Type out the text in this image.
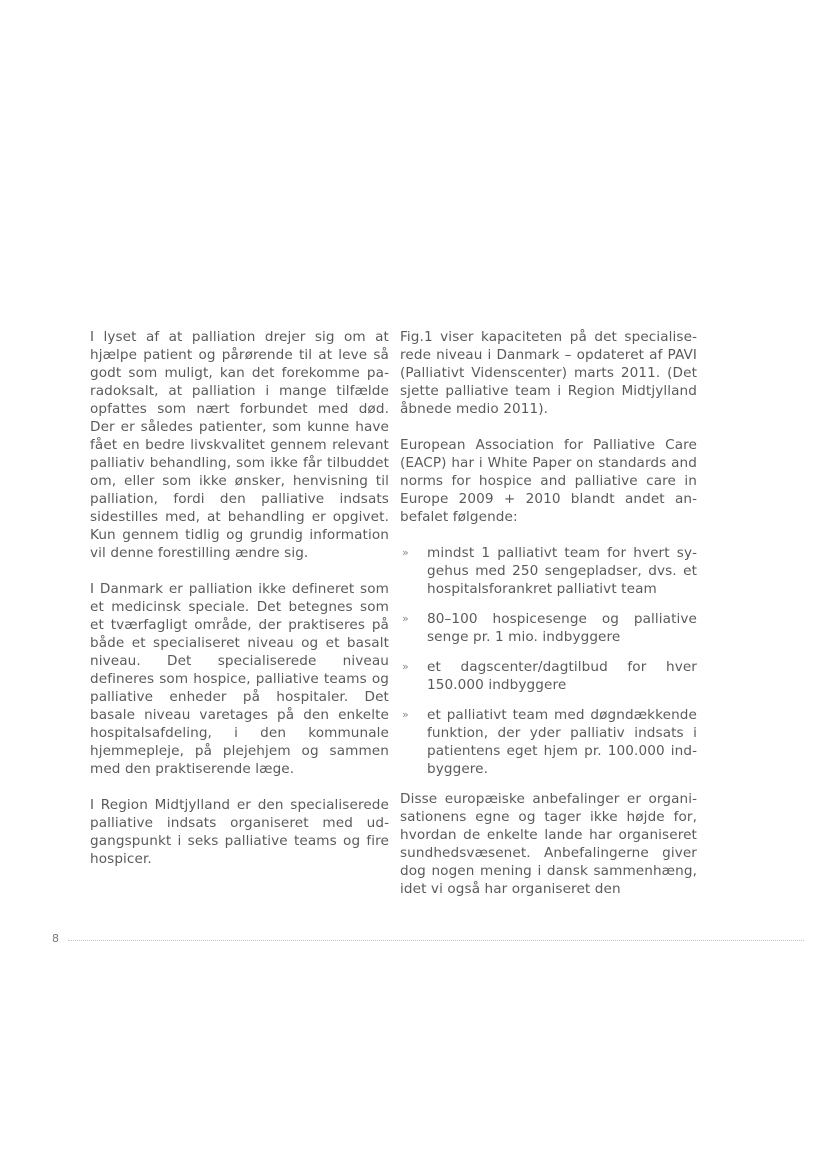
I lyset af at palliation drejer sig om at hjælpe patient og pårørende til at leve så godt som muligt, kan det forekomme paradoksalt, at palliation i mange tilfælde opfattes som nært forbundet med død. Der er således patienter, som kunne have fået en bedre livskvalitet gennem relevant palliativ behandling, som ikke får tilbuddet om, eller som ikke ønsker, henvisning til palliation, fordi den palliative indsats sidestilles med, at behandling er opgivet. Kun gennem tidlig og grundig information vil denne forestilling ændre sig.

I Danmark er palliation ikke defineret som et medicinsk speciale. Det betegnes som et tværfagligt område, der praktiseres på både et specialiseret niveau og et basalt niveau. Det specialiserede niveau defineres som hospice, palliative teams og palliative enheder på hospitaler. Det basale niveau varetages på den enkelte hospitalsafdeling, i den kommunale hjemmepleje, på plejehjem og sammen med den praktiserende læge.

I Region Midtjylland er den specialiserede palliative indsats organiseret med udgangspunkt i seks palliative teams og fire hospicer.

Fig.1 viser kapaciteten på det specialiserede niveau i Danmark – opdateret af PAVI (Palliativt Videnscenter) marts 2011. (Det sjette palliative team i Region Midtjylland åbnede medio 2011).

European Association for Palliative Care (EACP) har i White Paper on standards and norms for hospice and palliative care in Europe 2009 + 2010 blandt andet anbefalet følgende:

» mindst 1 palliativt team for hvert sygehus med 250 sengepladser, dvs. et hospitalsforankret palliativt team
» 80–100 hospicesenge og palliative senge pr. 1 mio. indbyggere
» et dagscenter/dagtilbud for hver 150.000 indbyggere
» et palliativt team med døgndækkende funktion, der yder palliativ indsats i patientens eget hjem pr. 100.000 indbyggere.

Disse europæiske anbefalinger er organisationens egne og tager ikke højde for, hvordan de enkelte lande har organiseret sundhedsvæsenet. Anbefalingerne giver dog nogen mening i dansk sammenhæng, idet vi også har organiseret den

8
